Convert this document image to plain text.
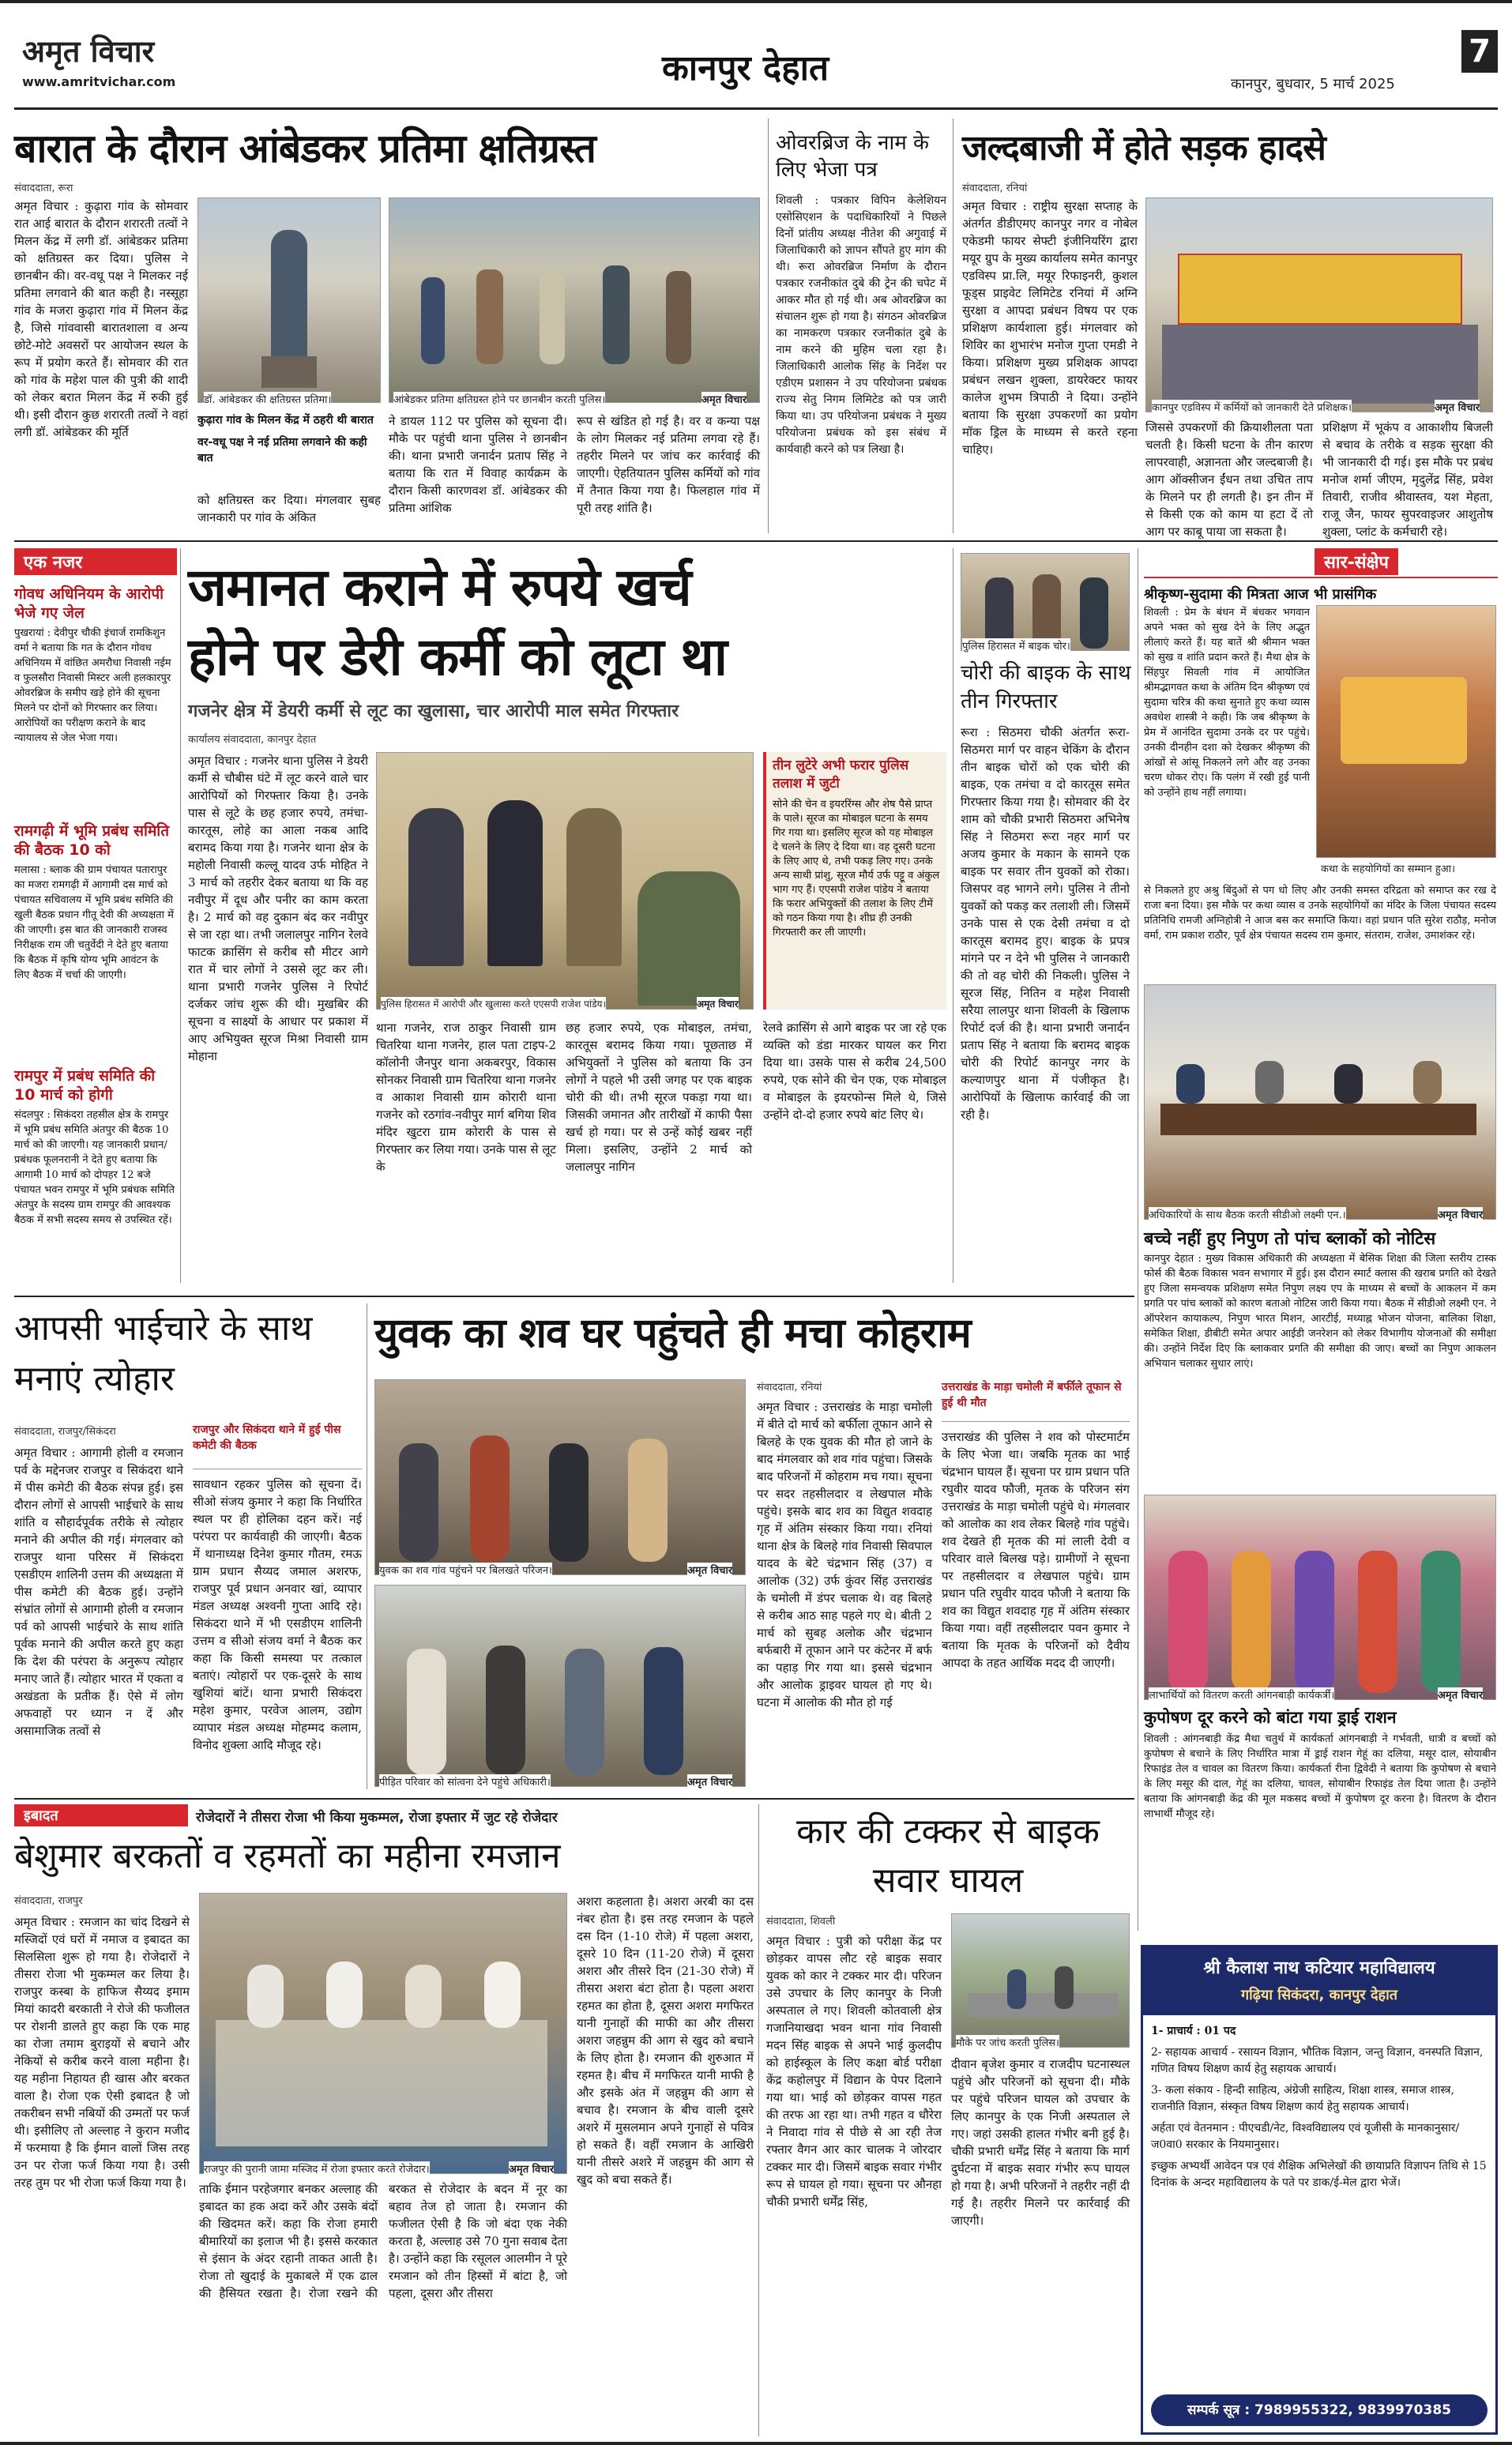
अमृत विचार
www.amritvichar.com	कानपुर देहात	कानपुर, बुधवार, 5 मार्च 2025
7
बारात के दौरान आंबेडकर प्रतिमा क्षतिग्रस्त
संवाददाता, रूरा
अमृत विचार : कुढ़ारा गांव के सोमवार रात आई बारात के दौरान शरारती तत्वों ने मिलन केंद्र में लगी डॉ. आंबेडकर प्रतिमा को क्षतिग्रस्त कर दिया। पुलिस ने छानबीन की। वर-वधू पक्ष ने मिलकर नई प्रतिमा लगवाने की बात कही है। नस्सूहा गांव के मजरा कुढ़ारा गांव में मिलन केंद्र है, जिसे गांववासी बारातशाला व अन्य छोटे-मोटे अवसरों पर आयोजन स्थल के रूप में प्रयोग करते हैं। सोमवार की रात को गांव के महेश पाल की पुत्री की शादी को लेकर बरात मिलन केंद्र में रुकी हुई थी। इसी दौरान कुछ शरारती तत्वों ने वहां लगी डॉ. आंबेडकर की मूर्ति
डॉ. आंबेडकर की क्षतिग्रस्त प्रतिमा।	आंबेडकर प्रतिमा क्षतिग्रस्त होने पर छानबीन करती पुलिस।	अमृत विचार
कुढ़ारा गांव के मिलन केंद्र में ठहरी थी बारात
वर-वधू पक्ष ने नई प्रतिमा लगवाने की कही बात
को क्षतिग्रस्त कर दिया। मंगलवार सुबह जानकारी पर गांव के अंकित
ने डायल 112 पर पुलिस को सूचना दी। मौके पर पहुंची थाना पुलिस ने छानबीन की। थाना प्रभारी जनार्दन प्रताप सिंह ने बताया कि रात में विवाह कार्यक्रम के दौरान किसी कारणवश डॉ. आंबेडकर की प्रतिमा आंशिक
रूप से खंडित हो गई है। वर व कन्या पक्ष के लोग मिलकर नई प्रतिमा लगवा रहे हैं। तहरीर मिलने पर जांच कर कार्रवाई की जाएगी। ऐहतियातन पुलिस कर्मियों को गांव में तैनात किया गया है। फिलहाल गांव में पूरी तरह शांति है।
ओवरब्रिज के नाम के लिए भेजा पत्र
शिवली : पत्रकार विपिन केलेशियन एसोसिएशन के पदाधिकारियों ने पिछले दिनों प्रांतीय अध्यक्ष नीतेश की अगुवाई में जिलाधिकारी को ज्ञापन सौंपते हुए मांग की थी। रूरा ओवरब्रिज निर्माण के दौरान पत्रकार रजनीकांत दुबे की ट्रेन की चपेट में आकर मौत हो गई थी। अब ओवरब्रिज का संचालन शुरू हो गया है। संगठन ओवरब्रिज का नामकरण पत्रकार रजनीकांत दुबे के नाम करने की मुहिम चला रहा है। जिलाधिकारी आलोक सिंह के निर्देश पर एडीएम प्रशासन ने उप परियोजना प्रबंधक राज्य सेतु निगम लिमिटेड को पत्र जारी किया था। उप परियोजना प्रबंधक ने मुख्य परियोजना प्रबंधक को इस संबंध में कार्यवाही करने को पत्र लिखा है।
जल्दबाजी में होते सड़क हादसे
संवाददाता, रनियां
अमृत विचार : राष्ट्रीय सुरक्षा सप्ताह के अंतर्गत डीडीएमए कानपुर नगर व नोबेल एकेडमी फायर सेफ्टी इंजीनियरिंग द्वारा मयूर ग्रुप के मुख्य कार्यालय समेत कानपुर एडविस्प प्रा.लि, मयूर रिफाइनरी, कुशल फूड्स प्राइवेट लिमिटेड रनियां में अग्नि सुरक्षा व आपदा प्रबंधन विषय पर एक प्रशिक्षण कार्यशाला हुई। मंगलवार को शिविर का शुभारंभ मनोज गुप्ता एमडी ने किया। प्रशिक्षण मुख्य प्रशिक्षक आपदा प्रबंधन लखन शुक्ला, डायरेक्टर फायर कालेज शुभम त्रिपाठी ने दिया। उन्होंने बताया कि सुरक्षा उपकरणों का प्रयोग मॉक ड्रिल के माध्यम से करते रहना चाहिए।
कानपुर एडविस्प में कर्मियों को जानकारी देते प्रशिक्षक।	अमृत विचार
जिससे उपकरणों की क्रियाशीलता पता चलती है। किसी घटना के तीन कारण लापरवाही, अज्ञानता और जल्दबाजी है। आग ऑक्सीजन ईंधन तथा उचित ताप के मिलने पर ही लगती है। इन तीन में से किसी एक को काम या हटा दें तो आग पर काबू पाया जा सकता है।
प्रशिक्षण में भूकंप व आकाशीय बिजली से बचाव के तरीके व सड़क सुरक्षा की भी जानकारी दी गई। इस मौके पर प्रबंध मनोज शर्मा जीएम, मृदुलेंद्र सिंह, प्रवेश तिवारी, राजीव श्रीवास्तव, यश मेहता, राजू जैन, फायर सुपरवाइजर आशुतोष शुक्ला, प्लांट के कर्मचारी रहे।
एक नजर
गोवध अधिनियम के आरोपी भेजे गए जेल
पुखरायां : देवीपुर चौकी इंचार्ज रामकिशुन वर्मा ने बताया कि गत के दौरान गोवध अधिनियम में वांछित अमरौधा निवासी नईम व फुलसौरा निवासी मिस्टर अली हलकारपुर ओवरब्रिज के समीप खड़े होने की सूचना मिलने पर दोनों को गिरफ्तार कर लिया। आरोपियों का परीक्षण कराने के बाद न्यायालय से जेल भेजा गया।
रामगढ़ी में भूमि प्रबंध समिति की बैठक 10 को
मलासा : ब्लाक की ग्राम पंचायत पतारापुर का मजरा रामगढ़ी में आगामी दस मार्च को पंचायत सचिवालय में भूमि प्रबंध समिति की खुली बैठक प्रधान गीतू देवी की अध्यक्षता में की जाएगी। इस बात की जानकारी राजस्व निरीक्षक राम जी चतुर्वेदी ने देते हुए बताया कि बैठक में कृषि योग्य भूमि आवंटन के लिए बैठक में चर्चा की जाएगी।
रामपुर में प्रबंध समिति की 10 मार्च को होगी
संदलपुर : सिकंदरा तहसील क्षेत्र के रामपुर में भूमि प्रबंध समिति अंतपुर की बैठक 10 मार्च को की जाएगी। यह जानकारी प्रधान/प्रबंधक फूलनरानी ने देते हुए बताया कि आगामी 10 मार्च को दोपहर 12 बजे पंचायत भवन रामपुर में भूमि प्रबंधक समिति अंतपुर के सदस्य ग्राम रामपुर की आवश्यक बैठक में सभी सदस्य समय से उपस्थित रहें।
जमानत कराने में रुपये खर्च
होने पर डेरी कर्मी को लूटा था
गजनेर क्षेत्र में डेयरी कर्मी से लूट का खुलासा, चार आरोपी माल समेत गिरफ्तार
कार्यालय संवाददाता, कानपुर देहात
अमृत विचार : गजनेर थाना पुलिस ने डेयरी कर्मी से चौबीस घंटे में लूट करने वाले चार आरोपियों को गिरफ्तार किया है। उनके पास से लूटे के छह हजार रुपये, तमंचा-कारतूस, लोहे का आला नकब आदि बरामद किया गया है। गजनेर थाना क्षेत्र के महोली निवासी कल्लू यादव उर्फ मोहित ने 3 मार्च को तहरीर देकर बताया था कि वह नवीपुर में दूध और पनीर का काम करता है। 2 मार्च को वह दुकान बंद कर नवीपुर से जा रहा था। तभी जलालपुर नागिन रेलवे फाटक क्रासिंग से करीब सौ मीटर आगे रात में चार लोगों ने उससे लूट कर ली। थाना प्रभारी गजनेर पुलिस ने रिपोर्ट दर्जकर जांच शुरू की थी। मुखबिर की सूचना व साक्ष्यों के आधार पर प्रकाश में आए अभियुक्त सूरज मिश्रा निवासी ग्राम मोहाना
पुलिस हिरासत में आरोपी और खुलासा करते एएसपी राजेश पांडेय।	अमृत विचार
तीन लुटेरे अभी फरार पुलिस तलाश में जुटी
सोने की चेन व इयररिंग्स और शेष पैसे प्राप्त के पाले। सूरज का मोबाइल घटना के समय गिर गया था। इसलिए सूरज को यह मोबाइल दे चलने के लिए दे दिया था। वह दूसरी घटना के लिए आए थे, तभी पकड़ लिए गए। उनके अन्य साथी प्रांशु, सूरज मौर्य उर्फ पट्टू व अंकुल भाग गए हैं। एएसपी राजेश पांडेय ने बताया कि फरार अभियुक्तों की तलाश के लिए टीमें को गठन किया गया है। शीघ्र ही उनकी गिरफ्तारी कर ली जाएगी।
थाना गजनेर, राज ठाकुर निवासी ग्राम चितरिया थाना गजनेर, हाल पता टाइप-2 कॉलोनी जैनपुर थाना अकबरपुर, विकास सोनकर निवासी ग्राम चितरिया थाना गजनेर व आकाश निवासी ग्राम कोरारी थाना गजनेर को रठगांव-नवीपुर मार्ग बगिया शिव मंदिर खुटरा ग्राम कोरारी के पास से गिरफ्तार कर लिया गया। उनके पास से लूट के
छह हजार रुपये, एक मोबाइल, तमंचा, कारतूस बरामद किया गया। पूछताछ में अभियुक्तों ने पुलिस को बताया कि उन लोगों ने पहले भी उसी जगह पर एक बाइक चोरी की थी। तभी सूरज पकड़ा गया था। जिसकी जमानत और तारीखों में काफी पैसा खर्च हो गया। पर से उन्हें कोई खबर नहीं मिला। इसलिए, उन्होंने 2 मार्च को जलालपुर नागिन
रेलवे क्रासिंग से आगे बाइक पर जा रहे एक व्यक्ति को डंडा मारकर घायल कर गिरा दिया था। उसके पास से करीब 24,500 रुपये, एक सोने की चेन एक, एक मोबाइल व मोबाइल के इयरफोन्स मिले थे, जिसे उन्होंने दो-दो हजार रुपये बांट लिए थे।
पुलिस हिरासत में बाइक चोर।
चोरी की बाइक के साथ तीन गिरफ्तार
रूरा : सिठमरा चौकी अंतर्गत रूरा-सिठमरा मार्ग पर वाहन चेकिंग के दौरान तीन बाइक चोरों को एक चोरी की बाइक, एक तमंचा व दो कारतूस समेत गिरफ्तार किया गया है। सोमवार की देर शाम को चौकी प्रभारी सिठमरा अभिनेष सिंह ने सिठमरा रूरा नहर मार्ग पर अजय कुमार के मकान के सामने एक बाइक पर सवार तीन युवकों को रोका। जिसपर वह भागने लगे। पुलिस ने तीनो युवकों को पकड़ कर तलाशी ली। जिसमें उनके पास से एक देसी तमंचा व दो कारतूस बरामद हुए। बाइक के प्रपत्र मांगने पर न देने भी पुलिस ने जानकारी की तो वह चोरी की निकली। पुलिस ने सूरज सिंह, नितिन व महेश निवासी सरैया लालपुर थाना शिवली के खिलाफ रिपोर्ट दर्ज की है। थाना प्रभारी जनार्दन प्रताप सिंह ने बताया कि बरामद बाइक चोरी की रिपोर्ट कानपुर नगर के कल्याणपुर थाना में पंजीकृत है। आरोपियों के खिलाफ कार्रवाई की जा रही है।
सार-संक्षेप
श्रीकृष्ण-सुदामा की मित्रता आज भी प्रासंगिक
शिवली : प्रेम के बंधन में बंधकर भगवान अपने भक्त को सुख देने के लिए अद्भुत लीलाएं करते हैं। यह बातें श्री श्रीमान भक्त को सुख व शांति प्रदान करते हैं। मैथा क्षेत्र के सिंहपुर सिवली गांव में आयोजित श्रीमद्भागवत कथा के अंतिम दिन श्रीकृष्ण एवं सुदामा चरित्र की कथा सुनाते हुए कथा व्यास अवधेश शास्त्री ने कही। कि जब श्रीकृष्ण के प्रेम में आनंदित सुदामा उनके दर पर पहुंचे। उनकी दीनहीन दशा को देखकर श्रीकृष्ण की आंखों से आंसू निकलने लगे और वह उनका चरण धोकर रोए। कि पलंग में रखी हुई पानी को उन्होंने हाथ नहीं लगाया।
कथा के सहयोगियों का सम्मान हुआ।
से निकलते हुए अश्रु बिंदुओं से पग धो लिए और उनकी समस्त दरिद्रता को समाप्त कर रख दे राजा बना दिया। इस मौके पर कथा व्यास व उनके सहयोगियों का मंदिर के जिला पंचायत सदस्य प्रतिनिधि रामजी अग्निहोत्री ने आज बस कर समाप्ति किया। वहां प्रधान पति सुरेश राठौड़, मनोज वर्मा, राम प्रकाश राठौर, पूर्व क्षेत्र पंचायत सदस्य राम कुमार, संतराम, राजेश, उमाशंकर रहे।
अधिकारियों के साथ बैठक करती सीडीओ लक्ष्मी एन.।	अमृत विचार
बच्चे नहीं हुए निपुण तो पांच ब्लाकों को नोटिस
कानपुर देहात : मुख्य विकास अधिकारी की अध्यक्षता में बेसिक शिक्षा की जिला स्तरीय टास्क फोर्स की बैठक विकास भवन सभागार में हुई। इस दौरान स्मार्ट क्लास की खराब प्रगति को देखते हुए जिला समन्वयक प्रशिक्षण समेत निपुण लक्ष्य एप के माध्यम से बच्चों के आकलन में कम प्रगति पर पांच ब्लाकों को कारण बताओ नोटिस जारी किया गया। बैठक में सीडीओ लक्ष्मी एन. ने ऑपरेशन कायाकल्प, निपुण भारत मिशन, आरटीई, मध्याह्न भोजन योजना, बालिका शिक्षा, समेकित शिक्षा, डीबीटी समेत अपार आईडी जनरेशन को लेकर विभागीय योजनाओं की समीक्षा की। उन्होंने निर्देश दिए कि ब्लाकवार प्रगति की समीक्षा की जाए। बच्चों का निपुण आकलन अभियान चलाकर सुधार लाएं।
लाभार्थियों को वितरण करती आंगनबाड़ी कार्यकर्त्री।	अमृत विचार
कुपोषण दूर करने को बांटा गया ड्राई राशन
शिवली : आंगनबाड़ी केंद्र मैथा चतुर्थ में कार्यकर्ता आंगनबाड़ी ने गर्भवती, धात्री व बच्चों को कुपोषण से बचाने के लिए निर्धारित मात्रा में ड्राई राशन गेहूं का दलिया, मसूर दाल, सोयाबीन रिफाइंड तेल व चावल का वितरण किया। कार्यकर्ता रीना द्विवेदी ने बताया कि कुपोषण से बचाने के लिए मसूर की दाल, गेहूं का दलिया, चावल, सोयाबीन रिफाइंड तेल दिया जाता है। उन्होंने बताया कि आंगनबाड़ी केंद्र की मूल मकसद बच्चों में कुपोषण दूर करना है। वितरण के दौरान लाभार्थी मौजूद रहे।
आपसी भाईचारे के साथ मनाएं त्योहार
संवाददाता, राजपुर/सिकंदरा
अमृत विचार : आगामी होली व रमजान पर्व के मद्देनजर राजपुर व सिकंदरा थाने में पीस कमेटी की बैठक संपन्न हुई। इस दौरान लोगों से आपसी भाईचारे के साथ शांति व सौहार्दपूर्वक तरीके से त्योहार मनाने की अपील की गई। मंगलवार को राजपुर थाना परिसर में सिकंदरा एसडीएम शालिनी उत्तम की अध्यक्षता में पीस कमेटी की बैठक हुई। उन्होंने संभ्रांत लोगों से आगामी होली व रमजान पर्व को आपसी भाईचारे के साथ शांति पूर्वक मनाने की अपील करते हुए कहा कि देश की परंपरा के अनुरूप त्योहार मनाए जाते हैं। त्योहार भारत में एकता व अखंडता के प्रतीक हैं। ऐसे में लोग अफवाहों पर ध्यान न दें और असामाजिक तत्वों से
राजपुर और सिकंदरा थाने में हुई पीस कमेटी की बैठक
सावधान रहकर पुलिस को सूचना दें। सीओ संजय कुमार ने कहा कि निर्धारित स्थल पर ही होलिका दहन करें। नई परंपरा पर कार्यवाही की जाएगी। बैठक में थानाध्यक्ष दिनेश कुमार गौतम, रमऊ ग्राम प्रधान सैय्यद जमाल अशरफ, राजपुर पूर्व प्रधान अनवार खां, व्यापार मंडल अध्यक्ष अश्वनी गुप्ता आदि रहे। सिकंदरा थाने में भी एसडीएम शालिनी उत्तम व सीओ संजय वर्मा ने बैठक कर कहा कि किसी समस्या पर तत्काल बताएं। त्योहारों पर एक-दूसरे के साथ खुशियां बांटें। थाना प्रभारी सिकंदरा महेश कुमार, परवेज आलम, उद्योग व्यापार मंडल अध्यक्ष मोहम्मद कलाम, विनोद शुक्ला आदि मौजूद रहे।
युवक का शव घर पहुंचते ही मचा कोहराम
युवक का शव गांव पहुंचने पर बिलखते परिजन।	अमृत विचार
पीड़ित परिवार को सांत्वना देने पहुंचे अधिकारी।	अमृत विचार
संवाददाता, रनियां
अमृत विचार : उत्तराखंड के माड़ा चमोली में बीते दो मार्च को बर्फीला तूफान आने से बिलहे के एक युवक की मौत हो जाने के बाद मंगलवार को शव गांव पहुंचा। जिसके बाद परिजनों में कोहराम मच गया। सूचना पर सदर तहसीलदार व लेखपाल मौके पहुंचे। इसके बाद शव का विद्युत शवदाह गृह में अंतिम संस्कार किया गया। रनियां थाना क्षेत्र के बिलहे गांव निवासी सिवपाल यादव के बेटे चंद्रभान सिंह (37) व आलोक (32) उर्फ कुंवर सिंह उत्तराखंड के चमोली में डंपर चलाक थे। वह बिलहे से करीब आठ साह पहले गए थे। बीती 2 मार्च को सुबह अलोक और चंद्रभान बर्फबारी में तूफान आने पर कंटेनर में बर्फ का पहाड़ गिर गया था। इससे चंद्रभान और आलोक ड्राइवर घायल हो गए थे। घटना में आलोक की मौत हो गई
उत्तराखंड के माड़ा चमोली में बर्फीले तूफान से हुई थी मौत
उत्तराखंड की पुलिस ने शव को पोस्टमार्टम के लिए भेजा था। जबकि मृतक का भाई चंद्रभान घायल हैं। सूचना पर ग्राम प्रधान पति रघुवीर यादव फौजी, मृतक के परिजन संग उत्तराखंड के माड़ा चमोली पहुंचे थे। मंगलवार को आलोक का शव लेकर बिलहे गांव पहुंचे। शव देखते ही मृतक की मां लाली देवी व परिवार वाले बिलख पड़े। ग्रामीणों ने सूचना पर तहसीलदार व लेखपाल पहुंचे। ग्राम प्रधान पति रघुवीर यादव फौजी ने बताया कि शव का विद्युत शवदाह गृह में अंतिम संस्कार किया गया। वहीं तहसीलदार पवन कुमार ने बताया कि मृतक के परिजनों को दैवीय आपदा के तहत आर्थिक मदद दी जाएगी।
इबादत	रोजेदारों ने तीसरा रोजा भी किया मुकम्मल, रोजा इफ्तार में जुट रहे रोजेदार
बेशुमार बरकतों व रहमतों का महीना रमजान
संवाददाता, राजपुर
अमृत विचार : रमजान का चांद दिखने से मस्जिदों एवं घरों में नमाज व इबादत का सिलसिला शुरू हो गया है। रोजेदारों ने तीसरा रोजा भी मुकम्मल कर लिया है। राजपुर कस्बा के हाफिज सैय्यद इमाम मियां कादरी बरकाती ने रोजे की फजीलत पर रोशनी डालते हुए कहा कि एक माह का रोजा तमाम बुराइयों से बचाने और नेकियों से करीब करने वाला महीना है। यह महीना निहायत ही खास और बरकत वाला है। रोजा एक ऐसी इबादत है जो तकरीबन सभी नबियों की उम्मतों पर फर्ज थी। इसीलिए तो अल्लाह ने कुरान मजीद में फरमाया है कि ईमान वालों जिस तरह उन पर रोजा फर्ज किया गया है। उसी तरह तुम पर भी रोजा फर्ज किया गया है।
राजपुर की पुरानी जामा मस्जिद में रोजा इफ्तार करते रोजेदार।	अमृत विचार
अशरा कहलाता है। अशरा अरबी का दस नंबर होता है। इस तरह रमजान के पहले दस दिन (1-10 रोजे) में पहला अशरा, दूसरे 10 दिन (11-20 रोजे) में दूसरा अशरा और तीसरे दिन (21-30 रोजे) में तीसरा अशरा बंटा होता है। पहला अशरा रहमत का होता है, दूसरा अशरा मगफिरत यानी गुनाहों की माफी का और तीसरा अशरा जहन्नुम की आग से खुद को बचाने के लिए होता है। रमजान की शुरुआत में रहमत है। बीच में मगफिरत यानी माफी है और इसके अंत में जहन्नुम की आग से बचाव है। रमजान के बीच वाली दूसरे अशरे में मुसलमान अपने गुनाहों से पवित्र हो सकते हैं। वहीं रमजान के आखिरी यानी तीसरे अशरे में जहन्नुम की आग से खुद को बचा सकते हैं।
ताकि ईमान परहेजगार बनकर अल्लाह की इबादत का हक अदा करें और उसके बंदों की खिदमत करें। कहा कि रोजा हमारी बीमारियों का इलाज भी है। इससे करकात से इंसान के अंदर रहानी ताकत आती है। रोजा तो खुदाई के मुकाबले में एक ढाल की हैसियत रखता है। रोजा रखने की बरकत से रोजेदार के बदन में नूर का बहाव तेज हो जाता है। रमजान की फजीलत ऐसी है कि जो बंदा एक नेकी करता है, अल्लाह उसे 70 गुना सवाब देता है। उन्होंने कहा कि रसूलल आलमीन ने पूरे रमजान को तीन हिस्सों में बांटा है, जो पहला, दूसरा और तीसरा
कार की टक्कर से बाइक सवार घायल
संवाददाता, शिवली
अमृत विचार : पुत्री को परीक्षा केंद्र पर छोड़कर वापस लौट रहे बाइक सवार युवक को कार ने टक्कर मार दी। परिजन उसे उपचार के लिए कानपुर के निजी अस्पताल ले गए। शिवली कोतवाली क्षेत्र गजानियाखदा भवन थाना गांव निवासी मदन सिंह बाइक से अपने भाई कुलदीप को हाईस्कूल के लिए कक्षा बोर्ड परीक्षा केंद्र कहोलपुर में विद्यान के पेपर दिलाने गया था। भाई को छोड़कर वापस गहत की तरफ आ रहा था। तभी गहत व धौरेरा ने निवादा गांव से पीछे से आ रही तेज रफ्तार वैगन आर कार चालक ने जोरदार टक्कर मार दी। जिसमें बाइक सवार गंभीर रूप से घायल हो गया। सूचना पर औनहा चौकी प्रभारी धर्मेंद्र सिंह,
मौके पर जांच करती पुलिस।
दीवान बृजेश कुमार व राजदीप घटनास्थल पहुंचे और परिजनों को सूचना दी। मौके पर पहुंचे परिजन घायल को उपचार के लिए कानपुर के एक निजी अस्पताल ले गए। जहां उसकी हालत गंभीर बनी हुई है। चौकी प्रभारी धर्मेंद्र सिंह ने बताया कि मार्ग दुर्घटना में बाइक सवार गंभीर रूप घायल हो गया है। अभी परिजनों ने तहरीर नहीं दी गई है। तहरीर मिलने पर कार्रवाई की जाएगी।
श्री कैलाश नाथ कटियार महाविद्यालय
गढ़िया सिकंदरा, कानपुर देहात
1- प्राचार्य : 01 पद
2- सहायक आचार्य - रसायन विज्ञान, भौतिक विज्ञान, जन्तु विज्ञान, वनस्पति विज्ञान, गणित विषय शिक्षण कार्य हेतु सहायक आचार्य।
3- कला संकाय - हिन्दी साहित्य, अंग्रेजी साहित्य, शिक्षा शास्त्र, समाज शास्त्र, राजनीति विज्ञान, संस्कृत विषय शिक्षण कार्य हेतु सहायक आचार्य।
अर्हता एवं वेतनमान : पीएचडी/नेट, विश्वविद्यालय एवं यूजीसी के मानकानुसार/ज0वा0 सरकार के नियमानुसार।
इच्छुक अभ्यर्थी आवेदन पत्र एवं शैक्षिक अभिलेखों की छायाप्रति विज्ञापन तिथि से 15 दिनांक के अन्दर महाविद्यालय के पते पर डाक/ई-मेल द्वारा भेजें।
सम्पर्क सूत्र : 7989955322, 9839970385
